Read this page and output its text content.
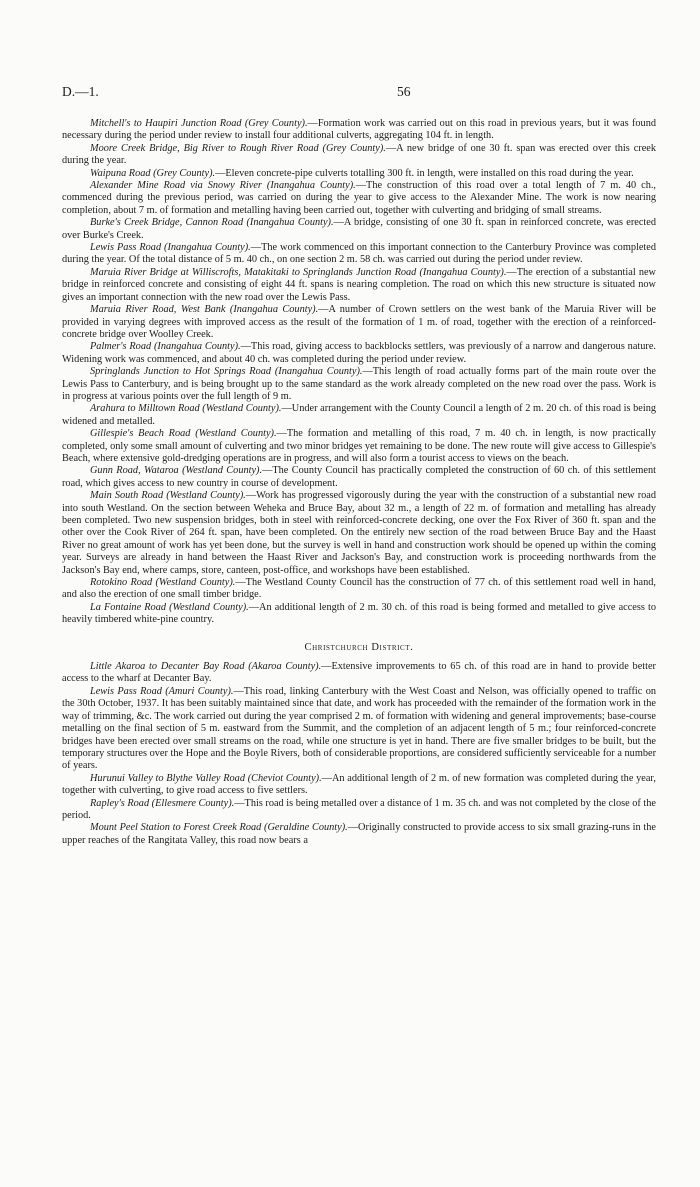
D.—1.	56

Mitchell's to Haupiri Junction Road (Grey County).—Formation work was carried out on this road in previous years, but it was found necessary during the period under review to install four additional culverts, aggregating 104 ft. in length.

Moore Creek Bridge, Big River to Rough River Road (Grey County).—A new bridge of one 30 ft. span was erected over this creek during the year.

Waipuna Road (Grey County).—Eleven concrete-pipe culverts totalling 300 ft. in length, were installed on this road during the year.

Alexander Mine Road via Snowy River (Inangahua County).—The construction of this road over a total length of 7 m. 40 ch., commenced during the previous period, was carried on during the year to give access to the Alexander Mine. The work is now nearing completion, about 7 m. of formation and metalling having been carried out, together with culverting and bridging of small streams.

Burke's Creek Bridge, Cannon Road (Inangahua County).—A bridge, consisting of one 30 ft. span in reinforced concrete, was erected over Burke's Creek.

Lewis Pass Road (Inangahua County).—The work commenced on this important connection to the Canterbury Province was completed during the year. Of the total distance of 5 m. 40 ch., on one section 2 m. 58 ch. was carried out during the period under review.

Maruia River Bridge at Williscrofts, Matakitaki to Springlands Junction Road (Inangahua County).—The erection of a substantial new bridge in reinforced concrete and consisting of eight 44 ft. spans is nearing completion. The road on which this new structure is situated now gives an important connection with the new road over the Lewis Pass.

Maruia River Road, West Bank (Inangahua County).—A number of Crown settlers on the west bank of the Maruia River will be provided in varying degrees with improved access as the result of the formation of 1 m. of road, together with the erection of a reinforced-concrete bridge over Woolley Creek.

Palmer's Road (Inangahua County).—This road, giving access to backblocks settlers, was previously of a narrow and dangerous nature. Widening work was commenced, and about 40 ch. was completed during the period under review.

Springlands Junction to Hot Springs Road (Inangahua County).—This length of road actually forms part of the main route over the Lewis Pass to Canterbury, and is being brought up to the same standard as the work already completed on the new road over the pass. Work is in progress at various points over the full length of 9 m.

Arahura to Milltown Road (Westland County).—Under arrangement with the County Council a length of 2 m. 20 ch. of this road is being widened and metalled.

Gillespie's Beach Road (Westland County).—The formation and metalling of this road, 7 m. 40 ch. in length, is now practically completed, only some small amount of culverting and two minor bridges yet remaining to be done. The new route will give access to Gillespie's Beach, where extensive gold-dredging operations are in progress, and will also form a tourist access to views on the beach.

Gunn Road, Wataroa (Westland County).—The County Council has practically completed the construction of 60 ch. of this settlement road, which gives access to new country in course of development.

Main South Road (Westland County).—Work has progressed vigorously during the year with the construction of a substantial new road into south Westland. On the section between Weheka and Bruce Bay, about 32 m., a length of 22 m. of formation and metalling has already been completed. Two new suspension bridges, both in steel with reinforced-concrete decking, one over the Fox River of 360 ft. span and the other over the Cook River of 264 ft. span, have been completed. On the entirely new section of the road between Bruce Bay and the Haast River no great amount of work has yet been done, but the survey is well in hand and construction work should be opened up within the coming year. Surveys are already in hand between the Haast River and Jackson's Bay, and construction work is proceeding northwards from the Jackson's Bay end, where camps, store, canteen, post-office, and workshops have been established.

Rotokino Road (Westland County).—The Westland County Council has the construction of 77 ch. of this settlement road well in hand, and also the erection of one small timber bridge.

La Fontaine Road (Westland County).—An additional length of 2 m. 30 ch. of this road is being formed and metalled to give access to heavily timbered white-pine country.

Christchurch District.

Little Akaroa to Decanter Bay Road (Akaroa County).—Extensive improvements to 65 ch. of this road are in hand to provide better access to the wharf at Decanter Bay.

Lewis Pass Road (Amuri County).—This road, linking Canterbury with the West Coast and Nelson, was officially opened to traffic on the 30th October, 1937. It has been suitably maintained since that date, and work has proceeded with the remainder of the formation work in the way of trimming, &c. The work carried out during the year comprised 2 m. of formation with widening and general improvements; base-course metalling on the final section of 5 m. eastward from the Summit, and the completion of an adjacent length of 5 m.; four reinforced-concrete bridges have been erected over small streams on the road, while one structure is yet in hand. There are five smaller bridges to be built, but the temporary structures over the Hope and the Boyle Rivers, both of considerable proportions, are considered sufficiently serviceable for a number of years.

Hurunui Valley to Blythe Valley Road (Cheviot County).—An additional length of 2 m. of new formation was completed during the year, together with culverting, to give road access to five settlers.

Rapley's Road (Ellesmere County).—This road is being metalled over a distance of 1 m. 35 ch. and was not completed by the close of the period.

Mount Peel Station to Forest Creek Road (Geraldine County).—Originally constructed to provide access to six small grazing-runs in the upper reaches of the Rangitata Valley, this road now bears a
